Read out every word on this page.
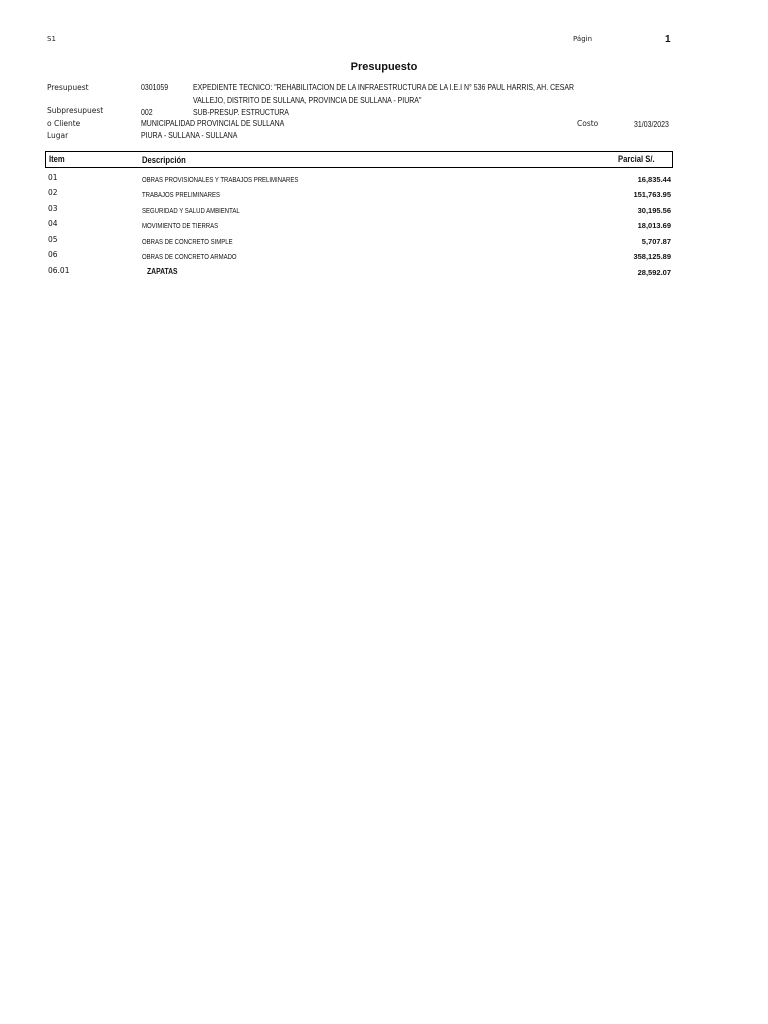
S1	Págin	1
Presupuesto
Presupuest	0301059	EXPEDIENTE TECNICO: "REHABILITACION DE LA INFRAESTRUCTURA DE LA I.E.I N° 536 PAUL HARRIS, AH. CESAR
VALLEJO, DISTRITO DE SULLANA, PROVINCIA DE SULLANA - PIURA"
Subpresupuest	002	SUB-PRESUP. ESTRUCTURA
o Cliente	MUNICIPALIDAD PROVINCIAL DE SULLANA	Costo	31/03/2023
Lugar	PIURA - SULLANA - SULLANA
Item	Descripción	Parcial S/.
01	OBRAS PROVISIONALES Y TRABAJOS PRELIMINARES	16,835.44
02	TRABAJOS PRELIMINARES	151,763.95
03	SEGURIDAD Y SALUD AMBIENTAL	30,195.56
04	MOVIMIENTO DE TIERRAS	18,013.69
05	OBRAS DE CONCRETO SIMPLE	5,707.87
06	OBRAS DE CONCRETO ARMADO	358,125.89
06.01	ZAPATAS	28,592.07
